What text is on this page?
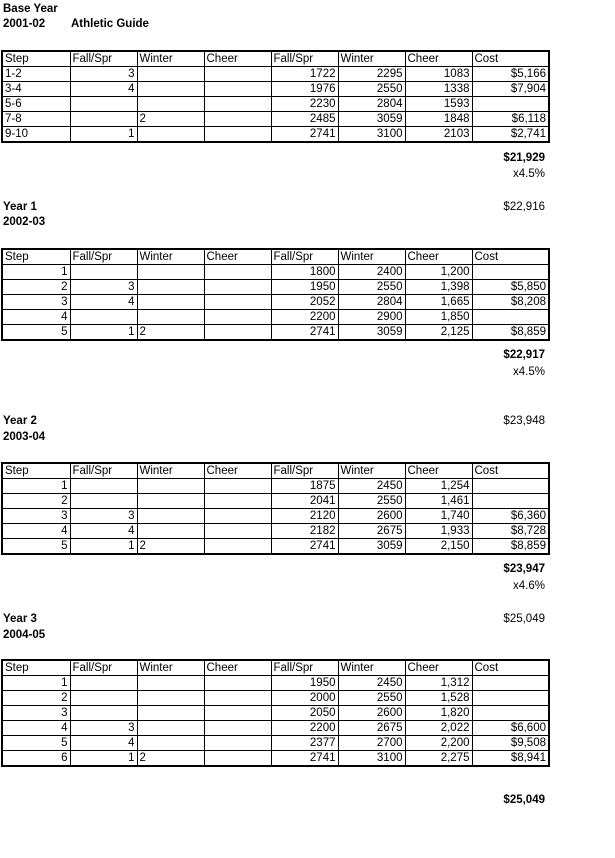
Base Year
2001-02 Athletic Guide
Step	Fall/Spr	Winter	Cheer	Fall/Spr	Winter	Cheer	Cost
1-2	3			1722	2295	1083	$5,166
3-4	4			1976	2550	1338	$7,904
5-6				2230	2804	1593	
7-8		2		2485	3059	1848	$6,118
9-10	1			2741	3100	2103	$2,741
$21,929
x4.5%
Year 1
2002-03
$22,916
Step	Fall/Spr	Winter	Cheer	Fall/Spr	Winter	Cheer	Cost
1				1800	2400	1,200	
2	3			1950	2550	1,398	$5,850
3	4			2052	2804	1,665	$8,208
4				2200	2900	1,850	
5	1	2		2741	3059	2,125	$8,859
$22,917
x4.5%
Year 2
2003-04
$23,948
Step	Fall/Spr	Winter	Cheer	Fall/Spr	Winter	Cheer	Cost
1				1875	2450	1,254	
2				2041	2550	1,461	
3	3			2120	2600	1,740	$6,360
4	4			2182	2675	1,933	$8,728
5	1	2		2741	3059	2,150	$8,859
$23,947
x4.6%
Year 3
2004-05
$25,049
Step	Fall/Spr	Winter	Cheer	Fall/Spr	Winter	Cheer	Cost
1				1950	2450	1,312	
2				2000	2550	1,528	
3				2050	2600	1,820	
4	3			2200	2675	2,022	$6,600
5	4			2377	2700	2,200	$9,508
6	1	2		2741	3100	2,275	$8,941
$25,049
